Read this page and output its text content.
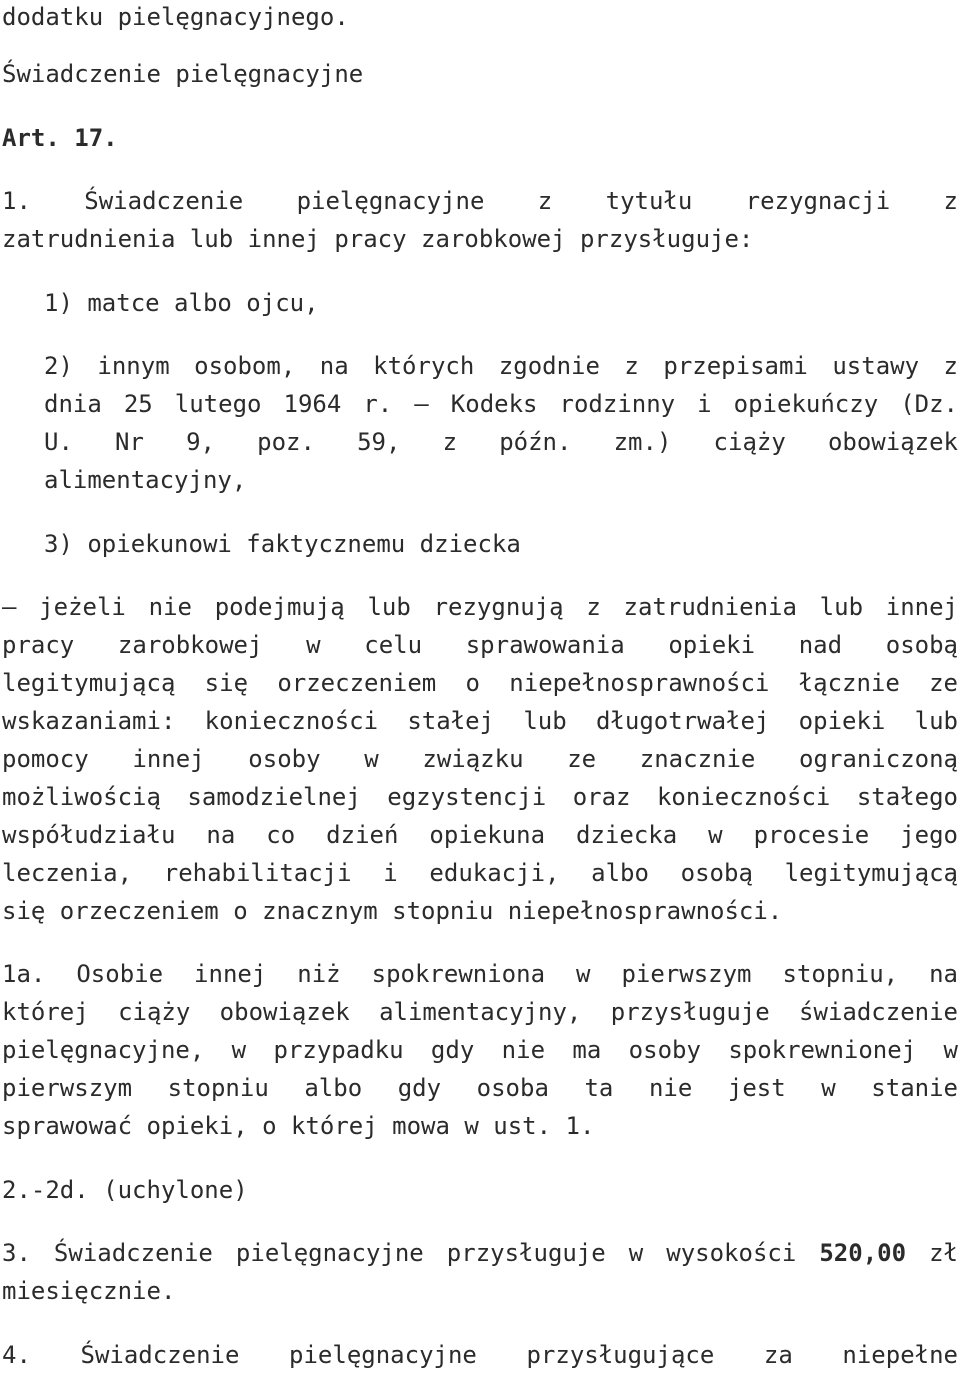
dodatku pielęgnacyjnego.
Świadczenie pielęgnacyjne
Art. 17.
1. Świadczenie pielęgnacyjne z tytułu rezygnacji z
zatrudnienia lub innej pracy zarobkowej przysługuje:
1) matce albo ojcu,
2) innym osobom, na których zgodnie z przepisami ustawy z
dnia 25 lutego 1964 r. – Kodeks rodzinny i opiekuńczy (Dz.
U. Nr 9, poz. 59, z późn. zm.) ciąży obowiązek
alimentacyjny,
3) opiekunowi faktycznemu dziecka
– jeżeli nie podejmują lub rezygnują z zatrudnienia lub innej
pracy zarobkowej w celu sprawowania opieki nad osobą
legitymującą się orzeczeniem o niepełnosprawności łącznie ze
wskazaniami: konieczności stałej lub długotrwałej opieki lub
pomocy innej osoby w związku ze znacznie ograniczoną
możliwością samodzielnej egzystencji oraz konieczności stałego
współudziału na co dzień opiekuna dziecka w procesie jego
leczenia, rehabilitacji i edukacji, albo osobą legitymującą
się orzeczeniem o znacznym stopniu niepełnosprawności.
1a. Osobie innej niż spokrewniona w pierwszym stopniu, na
której ciąży obowiązek alimentacyjny, przysługuje świadczenie
pielęgnacyjne, w przypadku gdy nie ma osoby spokrewnionej w
pierwszym stopniu albo gdy osoba ta nie jest w stanie
sprawować opieki, o której mowa w ust. 1.
2.-2d. (uchylone)
3. Świadczenie pielęgnacyjne przysługuje w wysokości 520,00 zł
miesięcznie.
4. Świadczenie pielęgnacyjne przysługujące za niepełne
